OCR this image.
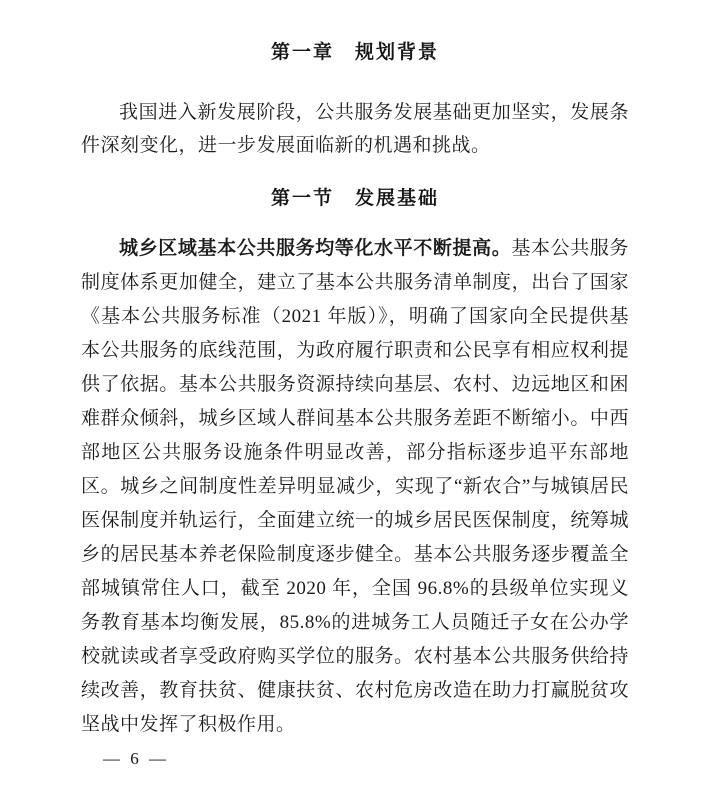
第一章　规划背景

我国进入新发展阶段，公共服务发展基础更加坚实，发展条件深刻变化，进一步发展面临新的机遇和挑战。

第一节　发展基础

城乡区域基本公共服务均等化水平不断提高。基本公共服务制度体系更加健全，建立了基本公共服务清单制度，出台了国家《基本公共服务标准（2021 年版）》，明确了国家向全民提供基本公共服务的底线范围，为政府履行职责和公民享有相应权利提供了依据。基本公共服务资源持续向基层、农村、边远地区和困难群众倾斜，城乡区域人群间基本公共服务差距不断缩小。中西部地区公共服务设施条件明显改善，部分指标逐步追平东部地区。城乡之间制度性差异明显减少，实现了“新农合”与城镇居民医保制度并轨运行，全面建立统一的城乡居民医保制度，统筹城乡的居民基本养老保险制度逐步健全。基本公共服务逐步覆盖全部城镇常住人口，截至 2020 年，全国 96.8%的县级单位实现义务教育基本均衡发展，85.8%的进城务工人员随迁子女在公办学校就读或者享受政府购买学位的服务。农村基本公共服务供给持续改善，教育扶贫、健康扶贫、农村危房改造在助力打赢脱贫攻坚战中发挥了积极作用。

— 6 —
